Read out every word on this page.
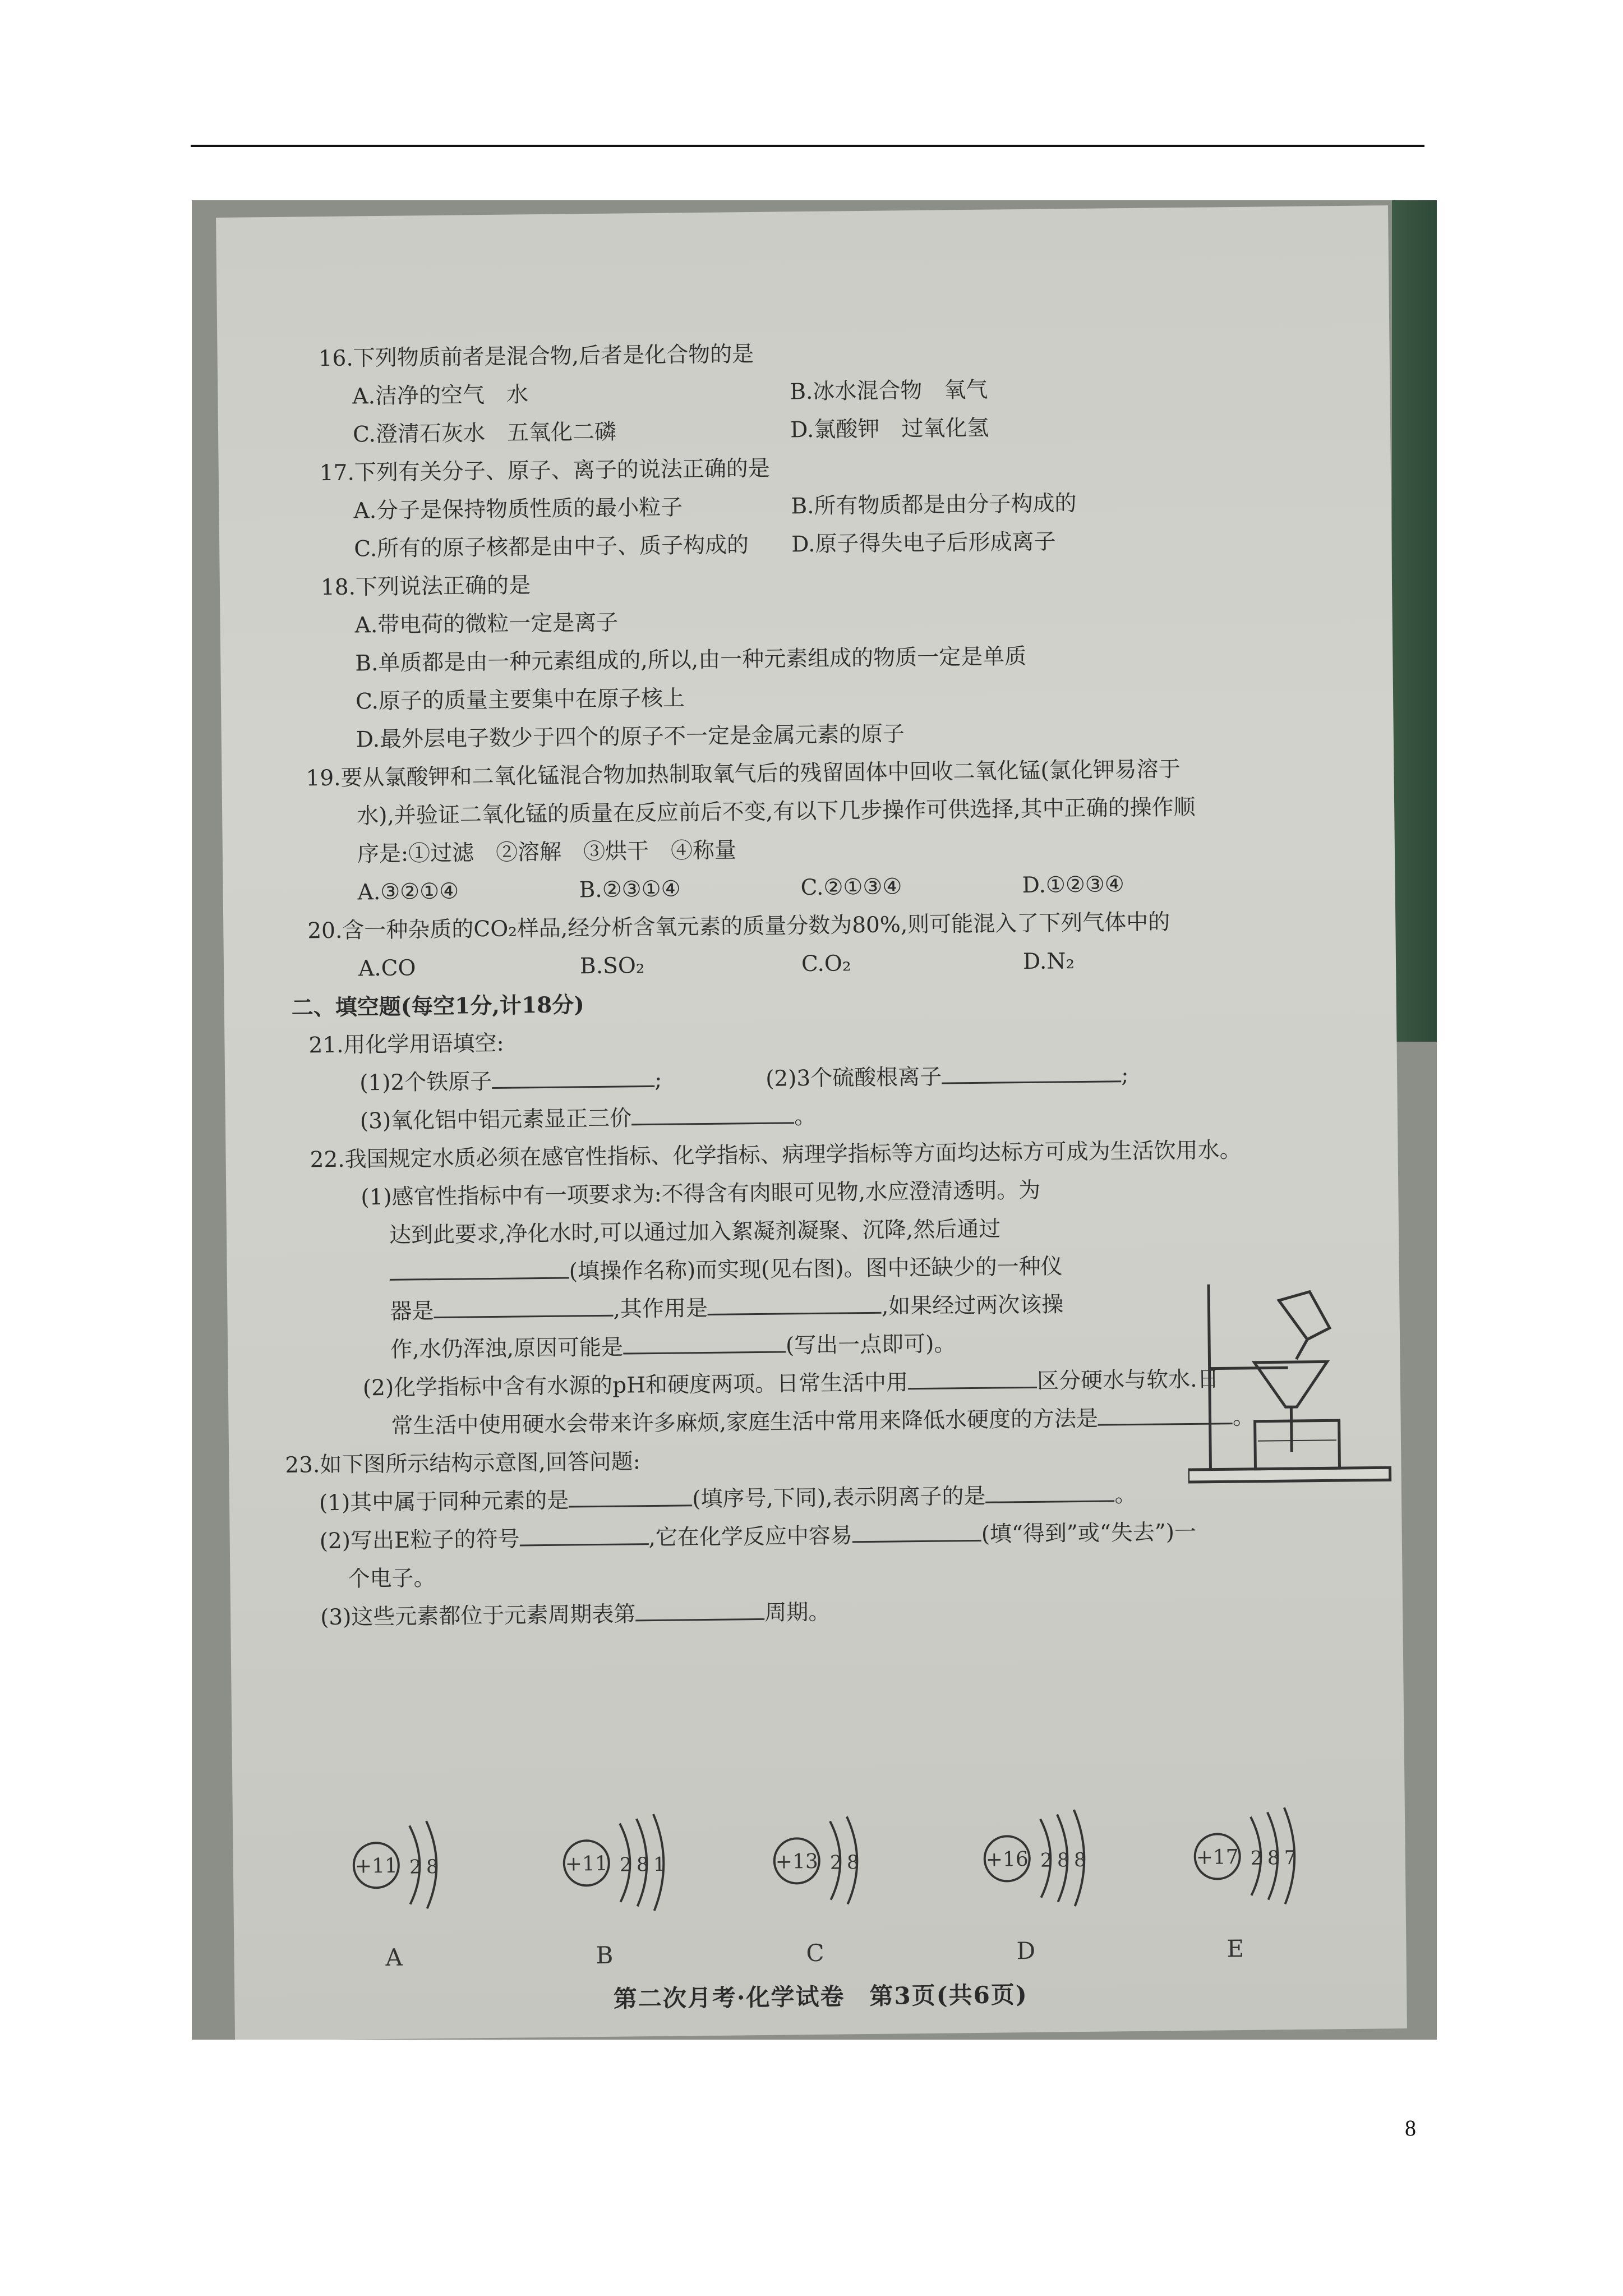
16.下列物质前者是混合物,后者是化合物的是
A.洁净的空气　水	B.冰水混合物　氧气
C.澄清石灰水　五氧化二磷	D.氯酸钾　过氧化氢
17.下列有关分子、原子、离子的说法正确的是
A.分子是保持物质性质的最小粒子	B.所有物质都是由分子构成的
C.所有的原子核都是由中子、质子构成的 D.原子得失电子后形成离子
18.下列说法正确的是
A.带电荷的微粒一定是离子
B.单质都是由一种元素组成的,所以,由一种元素组成的物质一定是单质
C.原子的质量主要集中在原子核上
D.最外层电子数少于四个的原子不一定是金属元素的原子
19.要从氯酸钾和二氧化锰混合物加热制取氧气后的残留固体中回收二氧化锰(氯化钾易溶于
水),并验证二氧化锰的质量在反应前后不变,有以下几步操作可供选择,其中正确的操作顺
序是:①过滤　②溶解　③烘干　④称量
A.③②①④	B.②③①④	C.②①③④	D.①②③④
20.含一种杂质的CO₂样品,经分析含氧元素的质量分数为80%,则可能混入了下列气体中的
A.CO	B.SO₂	C.O₂	D.N₂
二、填空题(每空1分,计18分)
21.用化学用语填空:
(1)2个铁原子	;	(2)3个硫酸根离子	;
(3)氧化铝中铝元素显正三价	。
22.我国规定水质必须在感官性指标、化学指标、病理学指标等方面均达标方可成为生活饮用水。
(1)感官性指标中有一项要求为:不得含有肉眼可见物,水应澄清透明。为
达到此要求,净化水时,可以通过加入絮凝剂凝聚、沉降,然后通过
(填操作名称)而实现(见右图)。图中还缺少的一种仪
器是	,其作用是	,如果经过两次该操
作,水仍浑浊,原因可能是	(写出一点即可)。
(2)化学指标中含有水源的pH和硬度两项。日常生活中用	区分硬水与软水.日
常生活中使用硬水会带来许多麻烦,家庭生活中常用来降低水硬度的方法是	。
23.如下图所示结构示意图,回答问题:
(1)其中属于同种元素的是	(填序号,下同),表示阴离子的是	。
(2)写出E粒子的符号	,它在化学反应中容易	(填“得到”或“失去”)一
个电子。
(3)这些元素都位于元素周期表第	周期。
+11 2 8
A
+11 2 8 1
B
+13 2 8
C
+16 2 8 8
D
+17 2 8 7
E
第二次月考·化学试卷　第3页(共6页)
8
